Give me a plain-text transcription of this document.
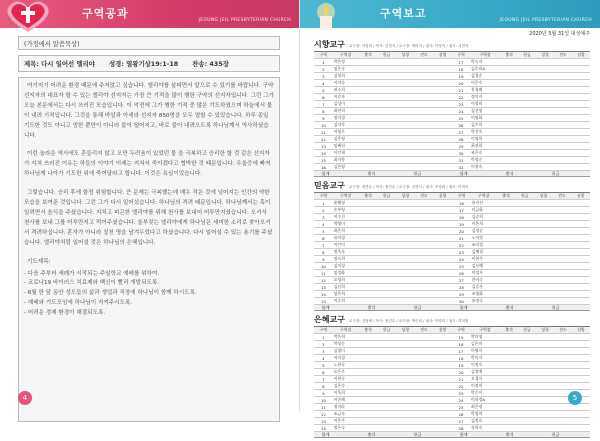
구역공과
JEOUNG JEIL PRESBYTERIAN CHURCH
(가정에서 말씀묵상)
제목: 다시 일어선 엘리야 성경: 열왕기상19:1-18 찬송: 435장

여기저기 어려운 환경 때문에 주저앉고 싶습니다. 엘리야를 살피면서 앞으로 수 있기를 바랍니다. 구약 선지자의 대표자 할 수 있는 엘리야 선지자는 가장 큰 기적을 많이 행한 구약의 선지자입니다. 그런 그가 오늘 본문에서는 다시 쓰러진 모습입니다. 이 악전에 그가 행한 기적 중 많은 기도하였으며 하늘에서 불이 내려 기적입니다. 그것을 통해 바알과 아세라 선지자 850명을 모두 멸할 수 있었습니다. 하루 종일 기도한 것도 아니고 엄한 뿐만이 아니라 불이 떨어지고, 바로 불이 내려오도록 하나님께서 역사하셨습니다.

이런 놀라운 역사에도 혼들리지 않고 오만 두려움이 있었던 불 을 극복하고 승리한 할 것 같은 선지자가 지쳐 쓰러진 이유는 하들의 이야기 이제는 지쳐서 죽이겠다고 협박한 것 때문입니다. 우울증에 빠져 하나님께 나아가 기도한 위에 죽여달라고 합니다. 이것은 욕심이었습니다.

그렇습니다. 승리 후에 함정 위험합니다. 큰 문제는 극복했는데 매우 작은 것에 넘어지는 인간의 약한 모습을 보여준 것입니다. 그런 그가 다시 일어섰습니다. 하나님의 격려 때문입니다. 하나님께서는 혹이 일려면서 음식을 주셨습니다. 지치고 피곤한 엘리야를 위해 천사를 보내어 어루만지셨습니다. 오셔서 천사를 보내 그를 어루만지고 먹여주셨습니다. 울부짖는 엘리야에게 하나님은 세미한 소리로 찾아오셔서 격려하십니다. 혼자가 아니라 칠천 명을 남겨두었다고 하셨습니다. 다시 일어설 수 있는 용기를 주셨습니다. 엘리야처럼 일어설 것은 하나님의 은혜입니다.

기도제목:

- 다음 주부터 세례가 시작되는 주일학교 예배를 위하여.

- 코로나19 바이러스 치료제와 백신이 빨리 개발되도록.

- 6월 한 달 동안 성도들의 삶과 생업과 직장에 하나님이 함께 하시도록.

- 예배와 기도모임에 하나님이 지켜주시도록.

- 어려운 경제 환경이 해결되도록.

4
구역보고
JEOUNG JEIL PRESBYTERIAN CHURCH
2020년 5월 31일 대성예주
시향교구 교구장: 이영미 / 목사: 김현석 / 교구장: 박미자 / 권사: 이영자 / 권사: 서현자
구역	구역장	출석	헌금	성경	전도	심방
1	박은정					
2	임은숙					
3	김영희					
4	이미숙					
5	권소희					
6	이순자					
7	김성미					
8	최연희					
9	정미경					
10	김미자					
11	이영주					
12	김은영					
13	임혜원					
14	이인재					
15	최미향					
16	김은영					
구역	구역장	출석	헌금	성경	전도	심방
17	박숙자					
18	김순희A					
19	김경순					
20	이은숙					
21	홍경례					
22	정미자					
23	이정희					
24	김선영					
25	이명화					
26	김주희					
27	박진옥					
28	이명희					
29	최선희					
30	조은숙					
31	박정순					
32	이정숙					
합계	출석	헌금	합계	출석	헌금
믿음교구 교구장: 정현수 / 목사: 정진수 / 교구장: 김현석 / 권사: 조영화 / 권사: 이미숙
구역	구역장	출석	헌금	성경	전도	심방
1	윤해정					
2	손부영					
3	이수진					
4	박영미					
5	최은희					
6	유미경					
7	이인덕					
8	정옥자					
9	정숙희					
10	김미성					
11	임정화					
12	오영희					
13	김선희					
14	임은희					
15	이순희					
구역	구역장	출석	헌금	성경	전도	심방
16	유지선					
17	이금화					
18	김순희					
19	이은희					
20	김정순					
21	노미정					
22	조미경					
23	김혜경					
24	이현주					
25	김선례					
26	이정자					
27	한미숙					
28	김순자					
29	조영화					
30	유정숙					
합계	출석	헌금	합계	출석	헌금
은혜교구 교구장: 김영예 / 목사: 정진수 / 교구장: 박은희 / 권사: 이영미 / 권사: 허미정
구역	구역장	출석	헌금	성경	전도	심방
1	박은희					
2	박성순					
3	김영미					
4	이미경					
5	노현숙					
6	오은주					
7	이현숙					
8	김은숙					
9	이옥희					
10	이순례					
11	정미라					
12	조금자					
13	이은주					
14	정은숙					
구역	구역장	출석	헌금	성경	전도	심방
15	박미영					
16	김은미					
17	이영자					
18	박미자					
19	이정숙					
20	김정애					
21	오경자					
22	이정미					
23	박순이					
24	이희정A					
25	최은정					
26	박정희					
27	김정숙					
28	정희숙					
합계	출석	헌금	합계	출석	헌금
5
